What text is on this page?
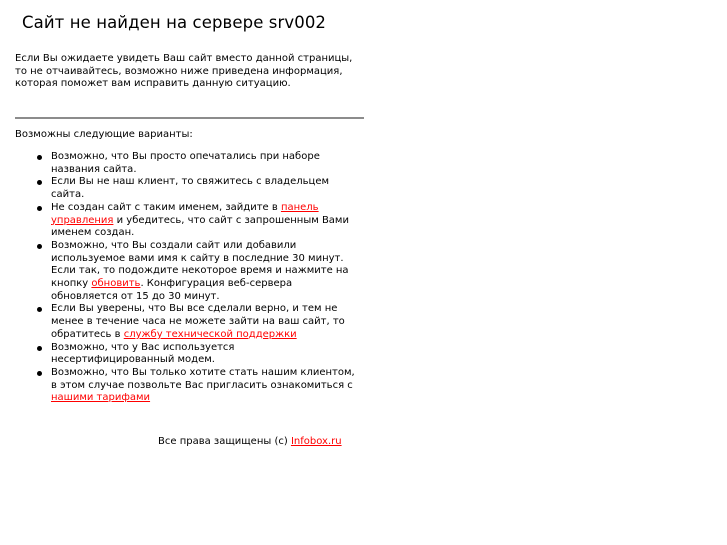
Сайт не найден на сервере srv002
Если Вы ожидаете увидеть Ваш сайт вместо данной страницы, то не отчаивайтесь, возможно ниже приведена информация, которая поможет вам исправить данную ситуацию.
Возможны следующие варианты:
Возможно, что Вы просто опечатались при наборе названия сайта.
Если Вы не наш клиент, то свяжитесь с владельцем сайта.
Не создан сайт с таким именем, зайдите в панель управления и убедитесь, что сайт с запрошенным Вами именем создан.
Возможно, что Вы создали сайт или добавили используемое вами имя к сайту в последние 30 минут. Если так, то подождите некоторое время и нажмите на кнопку обновить. Конфигурация веб-сервера обновляется от 15 до 30 минут.
Если Вы уверены, что Вы все сделали верно, и тем не менее в течение часа не можете зайти на ваш сайт, то обратитесь в службу технической поддержки
Возможно, что у Вас используется несертифицированный модем.
Возможно, что Вы только хотите стать нашим клиентом, в этом случае позвольте Вас пригласить ознакомиться с нашими тарифами
Все права защищены (c) Infobox.ru
